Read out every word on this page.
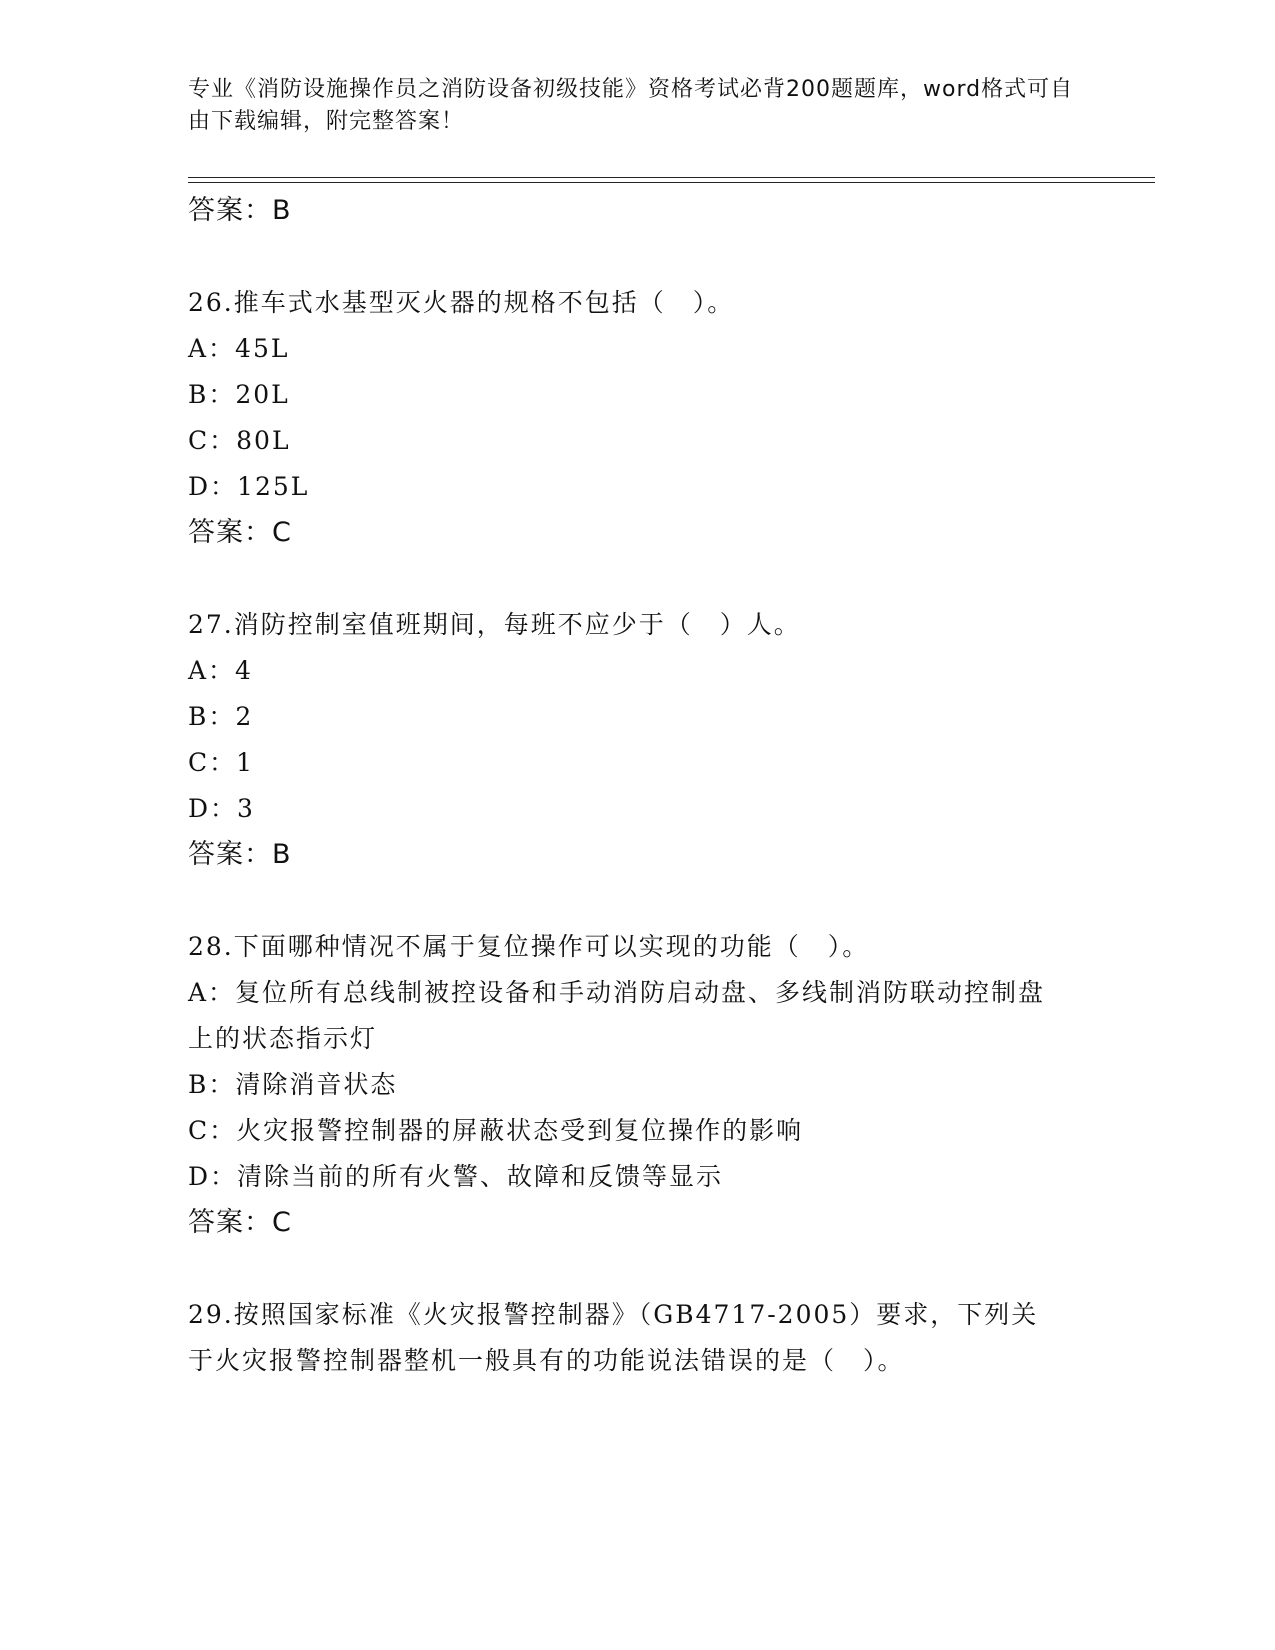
专业《消防设施操作员之消防设备初级技能》资格考试必背200题题库，word格式可自由下载编辑，附完整答案！
答案：B
26.推车式水基型灭火器的规格不包括（　）。
A：45L
B：20L
C：80L
D：125L
答案：C
27.消防控制室值班期间，每班不应少于（　）人。
A：4
B：2
C：1
D：3
答案：B
28.下面哪种情况不属于复位操作可以实现的功能（　）。
A：复位所有总线制被控设备和手动消防启动盘、多线制消防联动控制盘上的状态指示灯
B：清除消音状态
C：火灾报警控制器的屏蔽状态受到复位操作的影响
D：清除当前的所有火警、故障和反馈等显示
答案：C
29.按照国家标准《火灾报警控制器》（GB4717-2005）要求，下列关于火灾报警控制器整机一般具有的功能说法错误的是（　）。
